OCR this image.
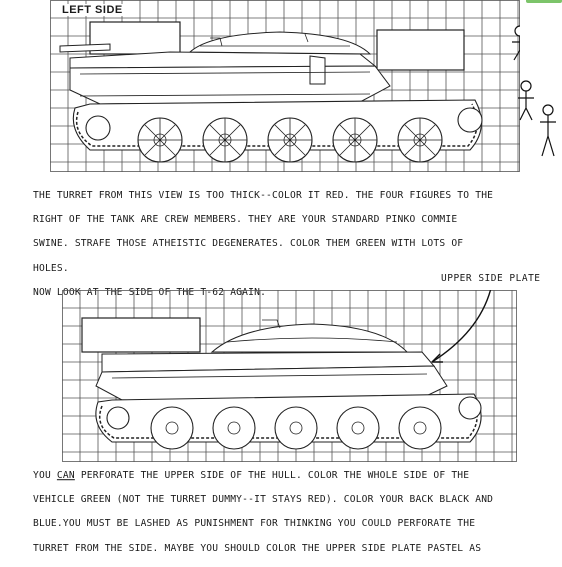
LEFT SIDE
THE TURRET FROM THIS VIEW IS TOO THICK--COLOR IT RED. THE FOUR FIGURES TO THE
RIGHT OF THE TANK ARE CREW MEMBERS. THEY ARE YOUR STANDARD PINKO COMMIE
SWINE. STRAFE THOSE ATHEISTIC DEGENERATES. COLOR THEM GREEN WITH LOTS OF
HOLES.
NOW LOOK AT THE SIDE OF THE T-62 AGAIN.
UPPER SIDE PLATE
YOU CAN PERFORATE THE UPPER SIDE OF THE HULL. COLOR THE WHOLE SIDE OF THE
VEHICLE GREEN (NOT THE TURRET DUMMY--IT STAYS RED). COLOR YOUR BACK BLACK AND
BLUE.YOU MUST BE LASHED AS PUNISHMENT FOR THINKING YOU COULD PERFORATE THE
TURRET FROM THE SIDE. MAYBE YOU SHOULD COLOR THE UPPER SIDE PLATE PASTEL AS
